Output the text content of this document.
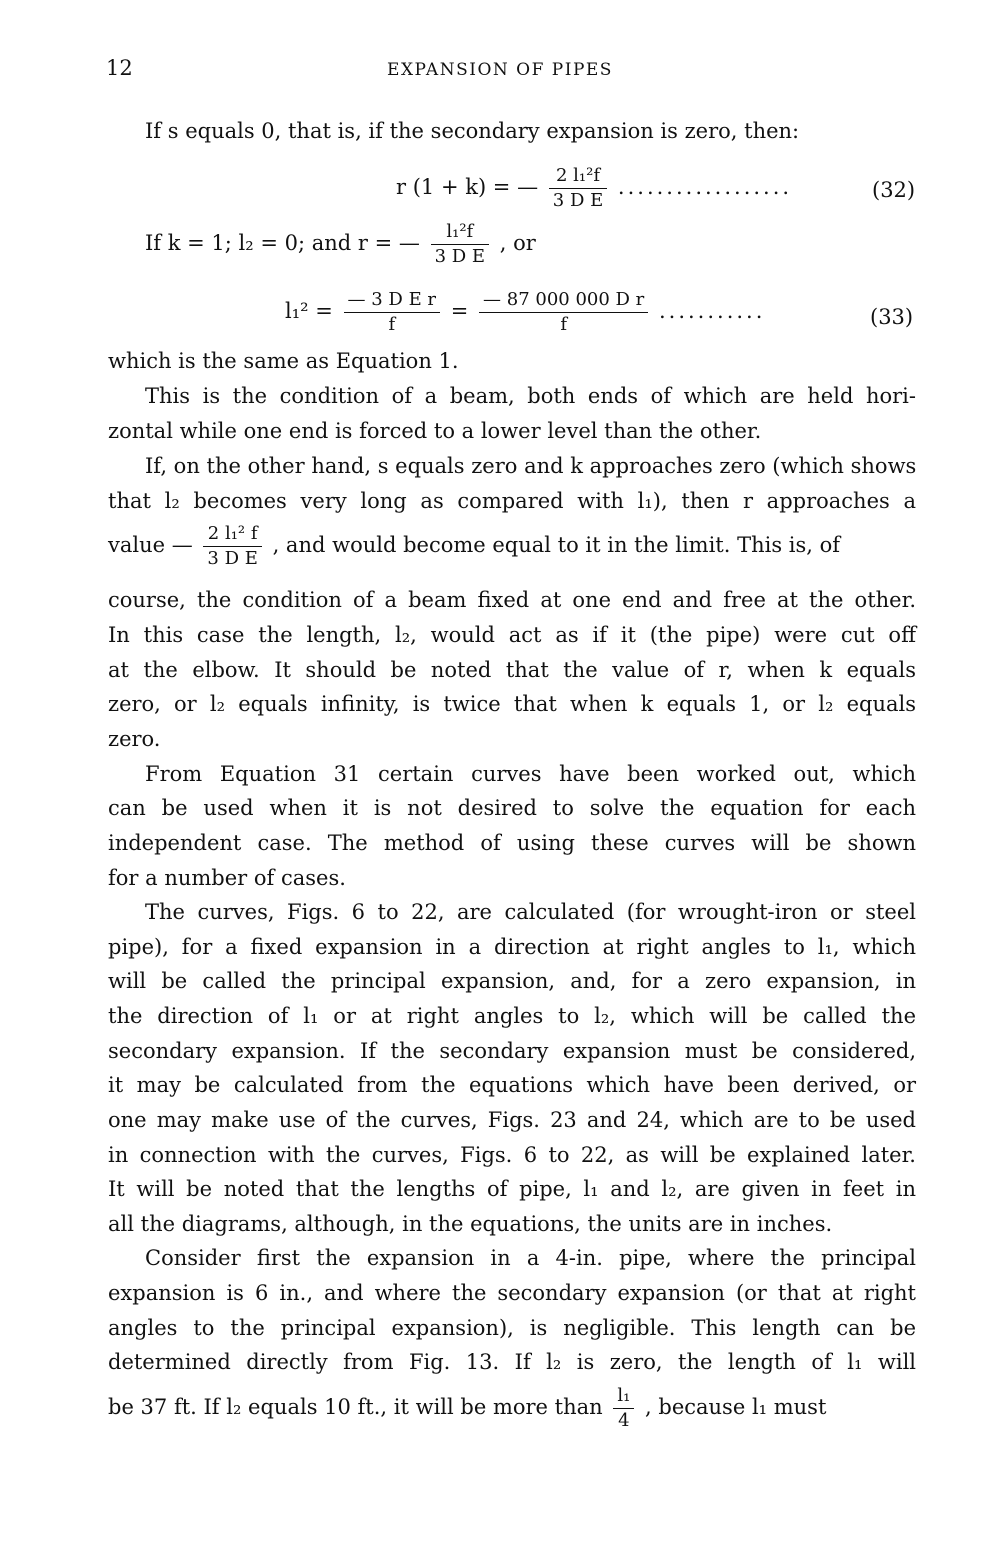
12	EXPANSION OF PIPES
If s equals 0, that is, if the secondary expansion is zero, then:
r (1 + k) = — $\frac{\text{2 l₁²f}}{\text{3 D E}}$ ..................	(32)
If k = 1; l₂ = 0; and r = — $\frac{\text{l₁²f}}{\text{3 D E}}$ , or
$l_1^2 = \frac{\text{— 3 D E r}}{f} = \frac{\text{— 87 000 000 D r}}{f}$ ...........	(33)
which is the same as Equation 1.
This is the condition of a beam, both ends of which are held hori-
zontal while one end is forced to a lower level than the other.
If, on the other hand, s equals zero and k approaches zero (which shows
that l₂ becomes very long as compared with l₁), then r approaches a
value — $\frac{\text{2 l₁² f}}{\text{3 D E}}$ , and would become equal to it in the limit. This is, of
course, the condition of a beam fixed at one end and free at the other.
In this case the length, l₂, would act as if it (the pipe) were cut off
at the elbow. It should be noted that the value of r, when k equals
zero, or l₂ equals infinity, is twice that when k equals 1, or l₂ equals
zero.
From Equation 31 certain curves have been worked out, which
can be used when it is not desired to solve the equation for each
independent case. The method of using these curves will be shown
for a number of cases.
The curves, Figs. 6 to 22, are calculated (for wrought-iron or steel
pipe), for a fixed expansion in a direction at right angles to l₁, which
will be called the principal expansion, and, for a zero expansion, in
the direction of l₁ or at right angles to l₂, which will be called the
secondary expansion. If the secondary expansion must be considered,
it may be calculated from the equations which have been derived, or
one may make use of the curves, Figs. 23 and 24, which are to be used
in connection with the curves, Figs. 6 to 22, as will be explained later.
It will be noted that the lengths of pipe, l₁ and l₂, are given in feet in
all the diagrams, although, in the equations, the units are in inches.
Consider first the expansion in a 4-in. pipe, where the principal
expansion is 6 in., and where the secondary expansion (or that at right
angles to the principal expansion), is negligible. This length can be
determined directly from Fig. 13. If l₂ is zero, the length of l₁ will
be 37 ft. If l₂ equals 10 ft., it will be more than $\frac{\text{l₁}}{4}$ , because l₁ must
